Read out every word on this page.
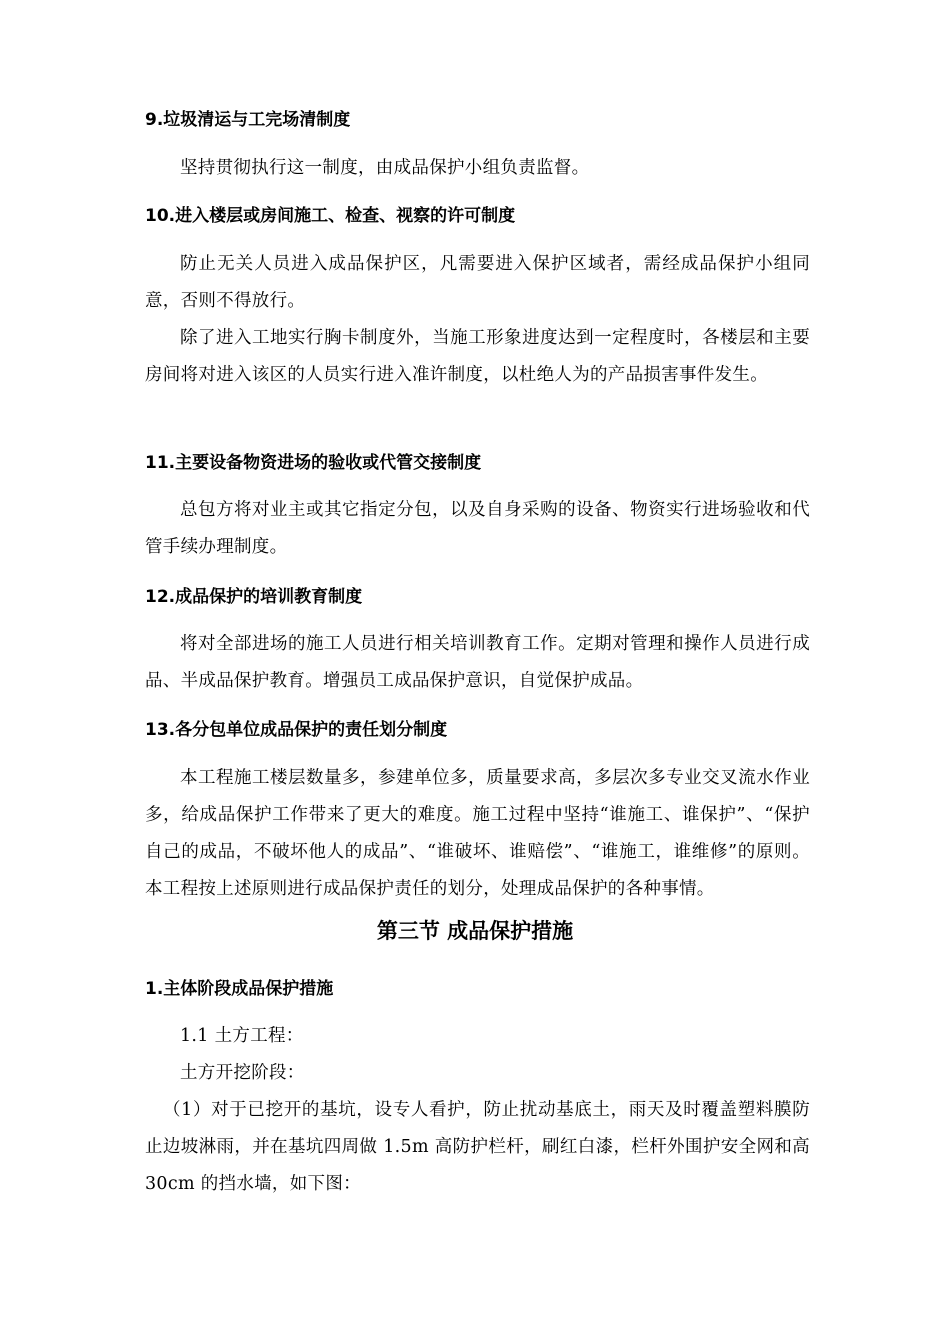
9.垃圾清运与工完场清制度
坚持贯彻执行这一制度，由成品保护小组负责监督。
10.进入楼层或房间施工、检查、视察的许可制度
防止无关人员进入成品保护区，凡需要进入保护区域者，需经成品保护小组同意，否则不得放行。
除了进入工地实行胸卡制度外，当施工形象进度达到一定程度时，各楼层和主要房间将对进入该区的人员实行进入准许制度，以杜绝人为的产品损害事件发生。
11.主要设备物资进场的验收或代管交接制度
总包方将对业主或其它指定分包，以及自身采购的设备、物资实行进场验收和代管手续办理制度。
12.成品保护的培训教育制度
将对全部进场的施工人员进行相关培训教育工作。定期对管理和操作人员进行成品、半成品保护教育。增强员工成品保护意识，自觉保护成品。
13.各分包单位成品保护的责任划分制度
本工程施工楼层数量多，参建单位多，质量要求高，多层次多专业交叉流水作业多，给成品保护工作带来了更大的难度。施工过程中坚持“谁施工、谁保护”、“保护自己的成品，不破坏他人的成品”、“谁破坏、谁赔偿”、“谁施工，谁维修”的原则。本工程按上述原则进行成品保护责任的划分，处理成品保护的各种事情。
第三节 成品保护措施
1.主体阶段成品保护措施
1.1 土方工程：
土方开挖阶段：
（1）对于已挖开的基坑，设专人看护，防止扰动基底土，雨天及时覆盖塑料膜防止边坡淋雨，并在基坑四周做 1.5m 高防护栏杆，刷红白漆，栏杆外围护安全网和高 30cm 的挡水墙，如下图：
